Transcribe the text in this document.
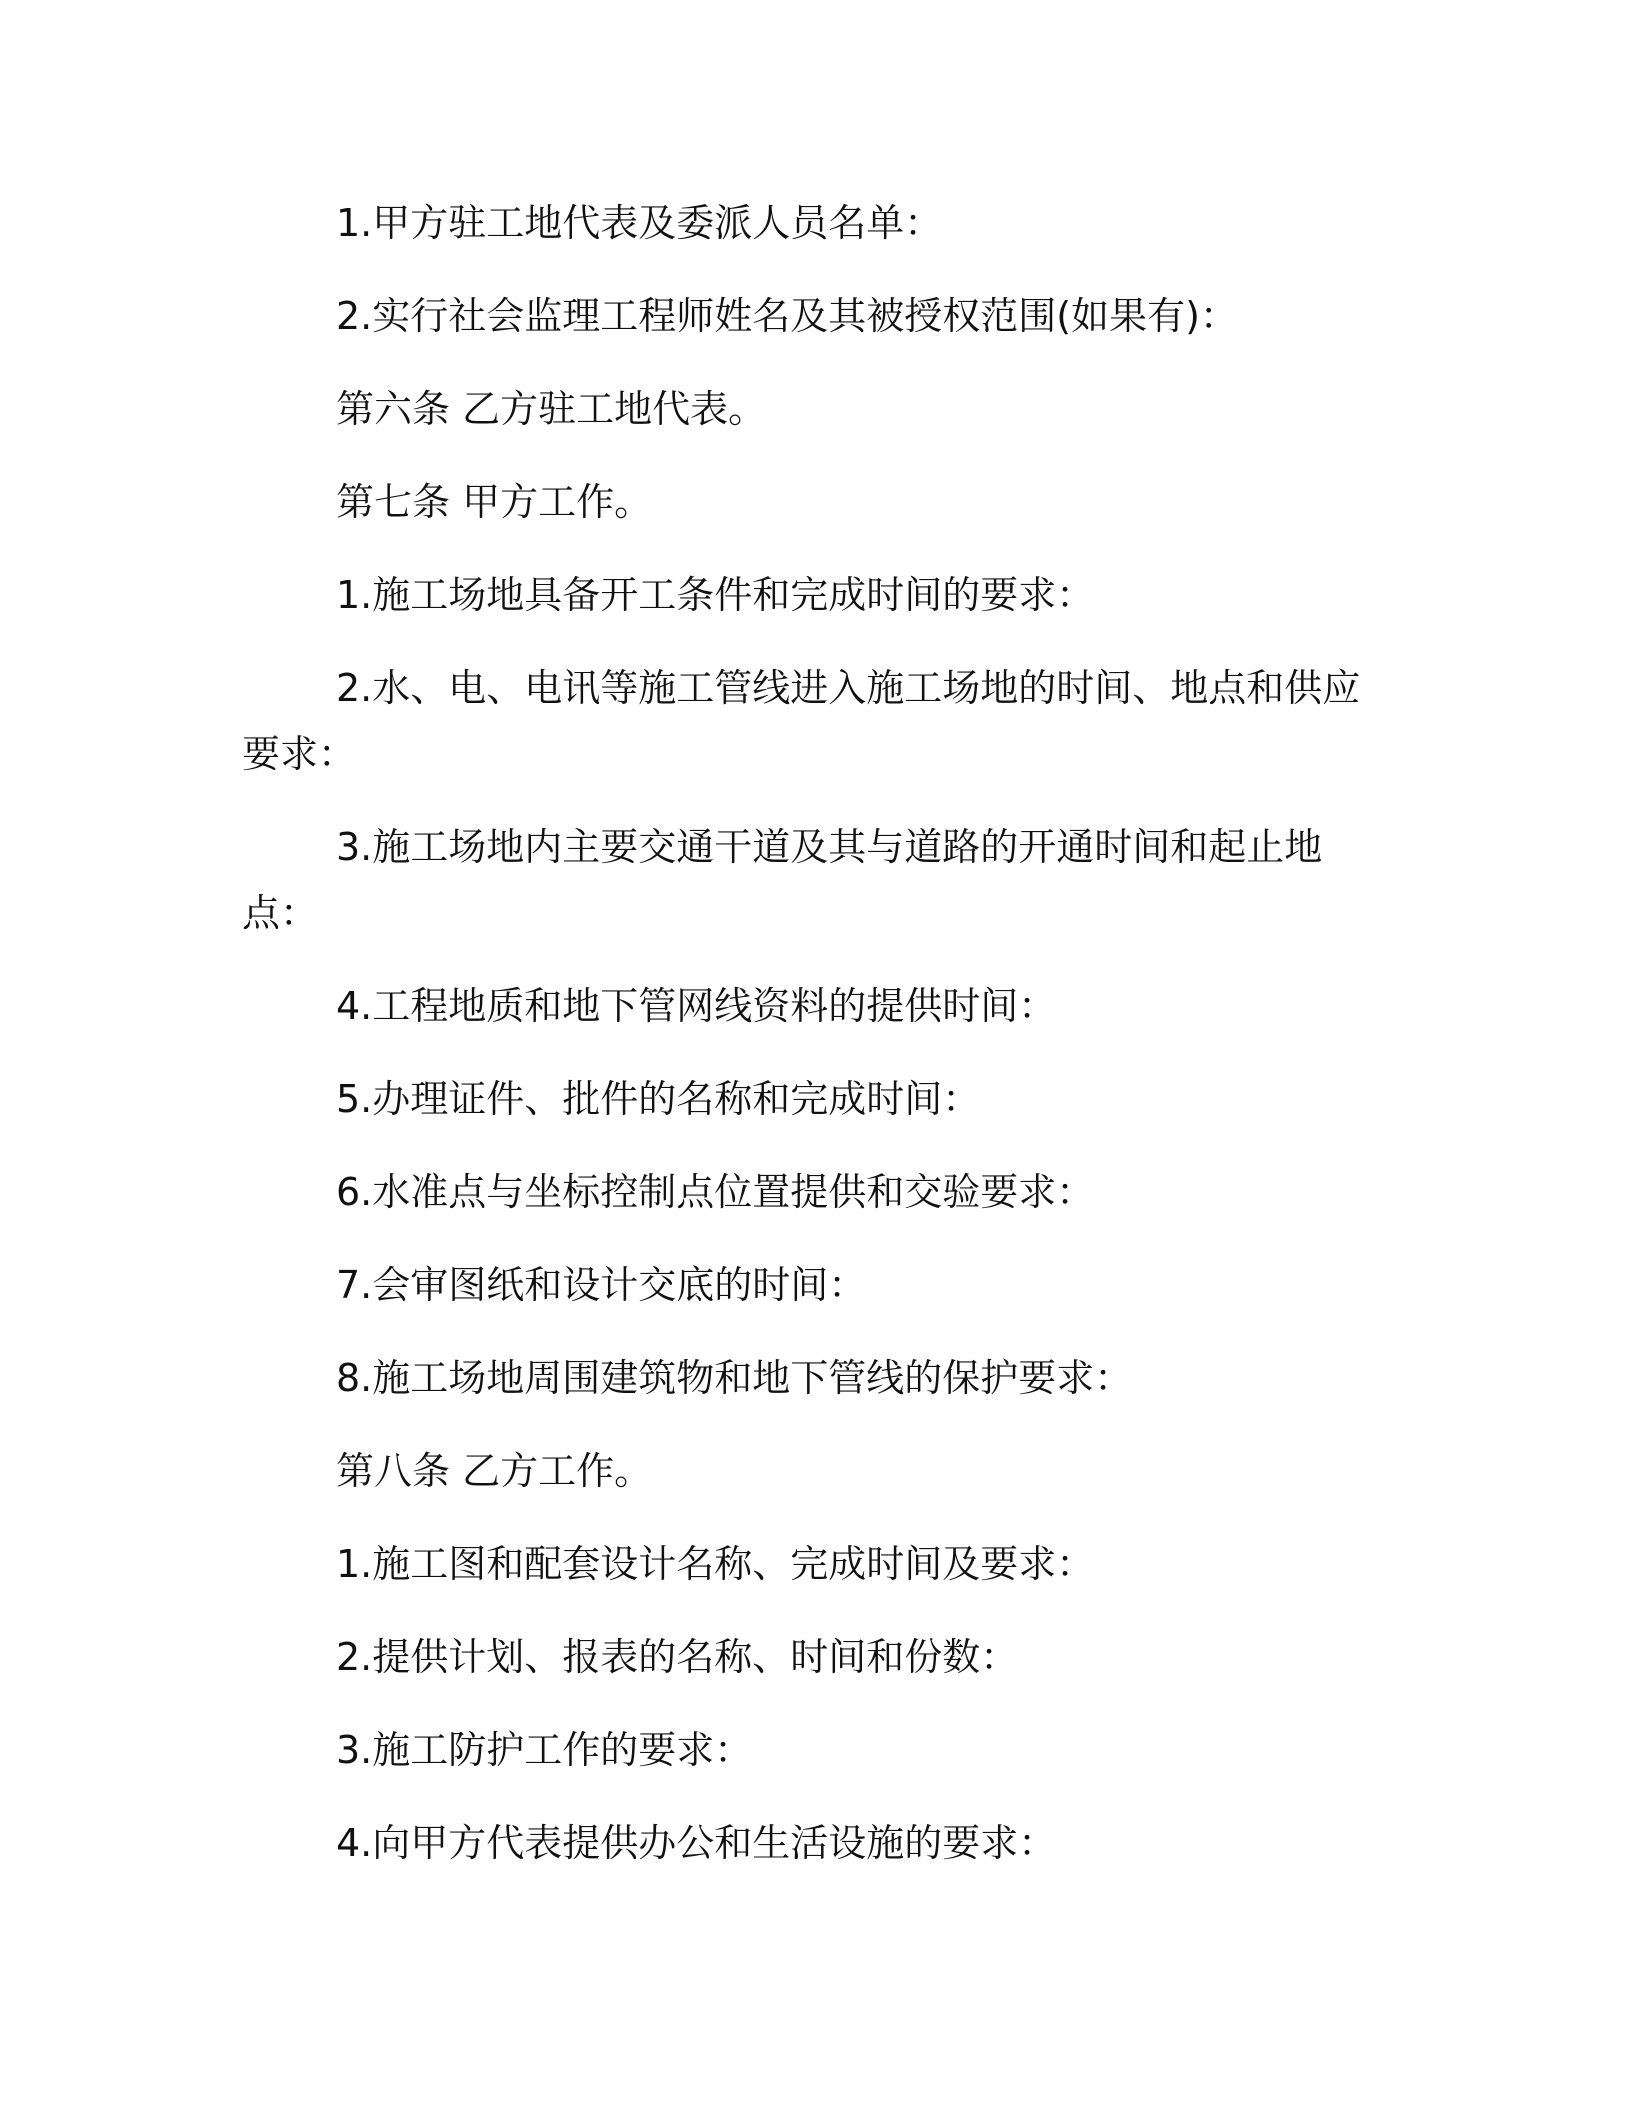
1.甲方驻工地代表及委派人员名单：

2.实行社会监理工程师姓名及其被授权范围(如果有)：

第六条 乙方驻工地代表。

第七条 甲方工作。

1.施工场地具备开工条件和完成时间的要求：

2.水、电、电讯等施工管线进入施工场地的时间、地点和供应要求：

3.施工场地内主要交通干道及其与道路的开通时间和起止地点：

4.工程地质和地下管网线资料的提供时间：

5.办理证件、批件的名称和完成时间：

6.水准点与坐标控制点位置提供和交验要求：

7.会审图纸和设计交底的时间：

8.施工场地周围建筑物和地下管线的保护要求：

第八条 乙方工作。

1.施工图和配套设计名称、完成时间及要求：

2.提供计划、报表的名称、时间和份数：

3.施工防护工作的要求：

4.向甲方代表提供办公和生活设施的要求：
